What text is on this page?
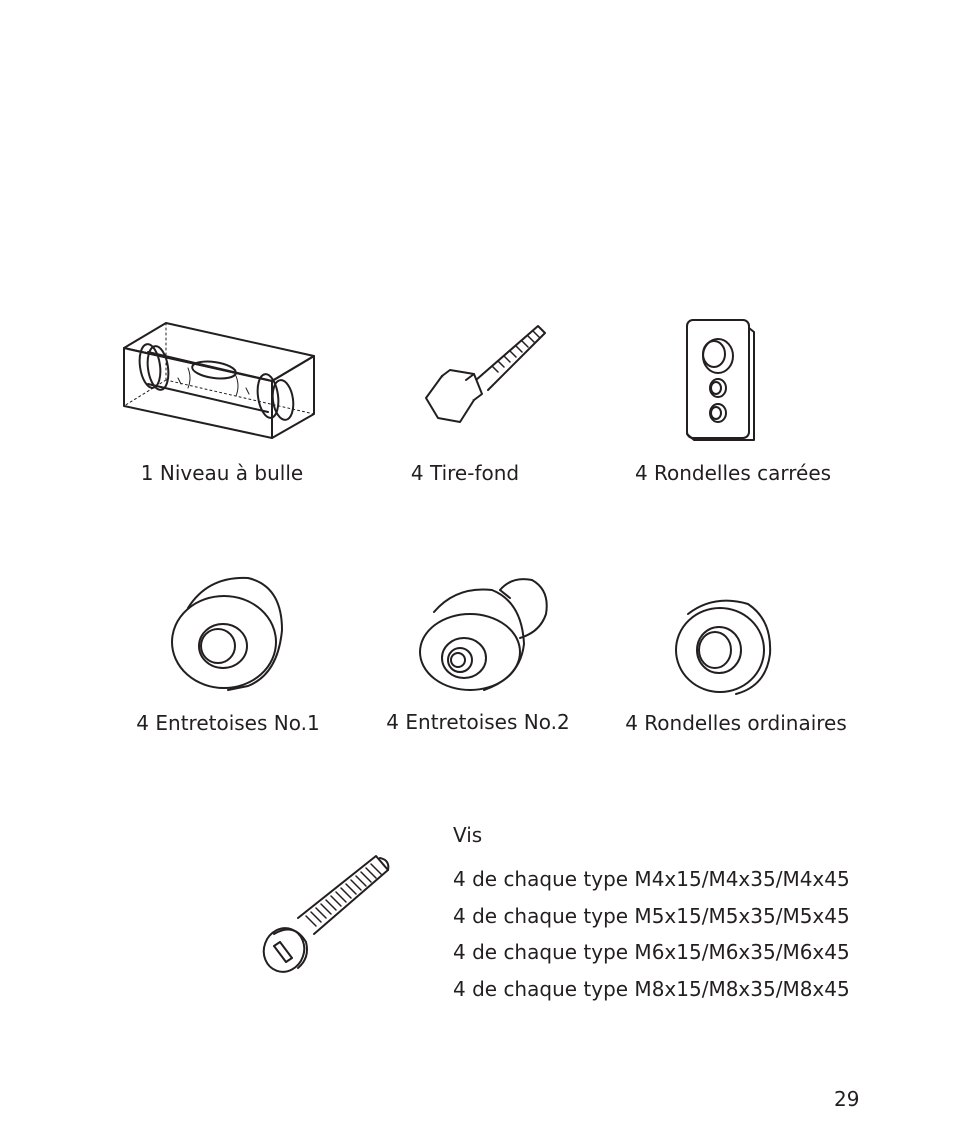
1 Niveau à bulle	4 Tire-fond	4 Rondelles carrées
4 Entretoises No.1	4 Entretoises No.2	4 Rondelles ordinaires
Vis
4 de chaque type M4x15/M4x35/M4x45
4 de chaque type M5x15/M5x35/M5x45
4 de chaque type M6x15/M6x35/M6x45
4 de chaque type M8x15/M8x35/M8x45
29
